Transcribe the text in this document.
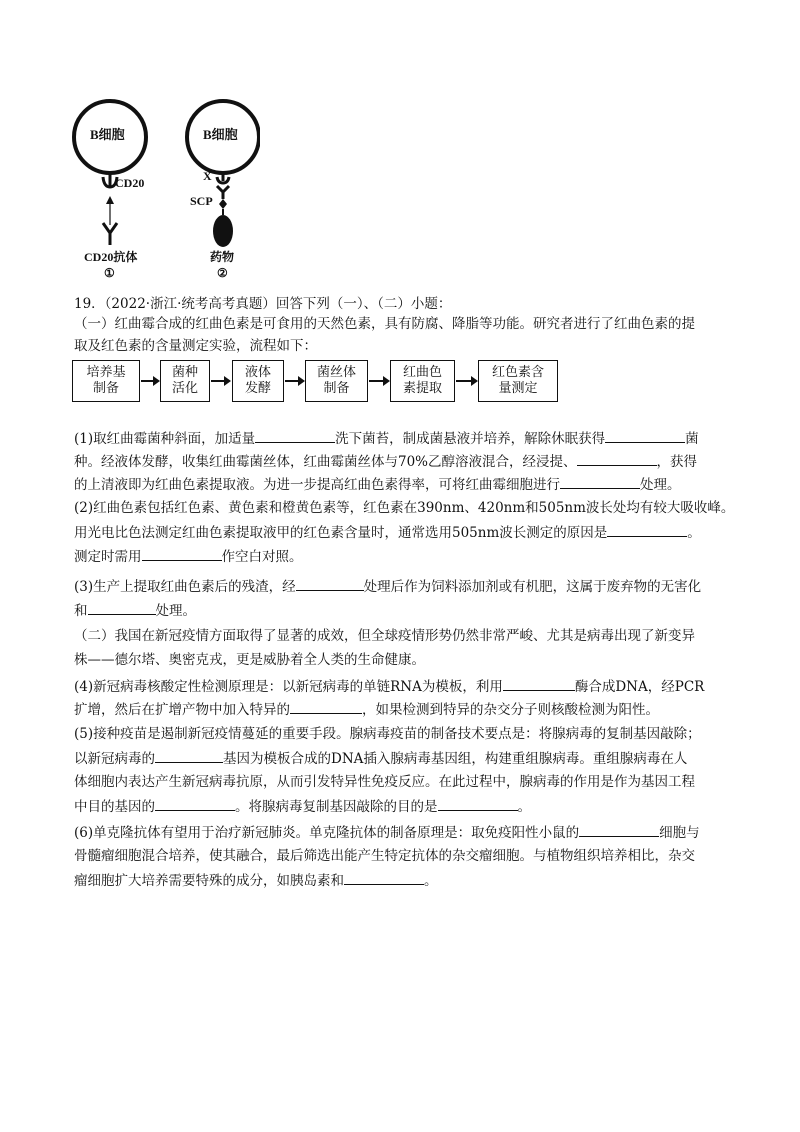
B细胞
CD20
CD20抗体
①
B细胞
X
SCP
药物
②
19．（2022·浙江·统考高考真题）回答下列（一）、（二）小题：
（一）红曲霉合成的红曲色素是可食用的天然色素，具有防腐、降脂等功能。研究者进行了红曲色素的提
取及红色素的含量测定实验，流程如下：
培养基
制备
菌种
活化
液体
发酵
菌丝体
制备
红曲色
素提取
红色素含
量测定
(1)取红曲霉菌种斜面，加适量	洗下菌苔，制成菌悬液并培养，解除休眠获得	菌
种。经液体发酵，收集红曲霉菌丝体，红曲霉菌丝体与70%乙醇溶液混合，经浸提、	，获得
的上清液即为红曲色素提取液。为进一步提高红曲色素得率，可将红曲霉细胞进行	处理。
(2)红曲色素包括红色素、黄色素和橙黄色素等，红色素在390nm、420nm和505nm波长处均有较大吸收峰。
用光电比色法测定红曲色素提取液甲的红色素含量时，通常选用505nm波长测定的原因是	。
测定时需用	作空白对照。
(3)生产上提取红曲色素后的残渣，经	处理后作为饲料添加剂或有机肥，这属于废弃物的无害化
和	处理。
（二）我国在新冠疫情方面取得了显著的成效，但全球疫情形势仍然非常严峻、尤其是病毒出现了新变异
株——德尔塔、奥密克戎，更是威胁着全人类的生命健康。
(4)新冠病毒核酸定性检测原理是：以新冠病毒的单链RNA为模板，利用	酶合成DNA，经PCR
扩增，然后在扩增产物中加入特异的	，如果检测到特异的杂交分子则核酸检测为阳性。
(5)接种疫苗是遏制新冠疫情蔓延的重要手段。腺病毒疫苗的制备技术要点是：将腺病毒的复制基因敲除；
以新冠病毒的	基因为模板合成的DNA插入腺病毒基因组，构建重组腺病毒。重组腺病毒在人
体细胞内表达产生新冠病毒抗原，从而引发特异性免疫反应。在此过程中，腺病毒的作用是作为基因工程
中目的基因的	。将腺病毒复制基因敲除的目的是	。
(6)单克隆抗体有望用于治疗新冠肺炎。单克隆抗体的制备原理是：取免疫阳性小鼠的	细胞与
骨髓瘤细胞混合培养，使其融合，最后筛选出能产生特定抗体的杂交瘤细胞。与植物组织培养相比，杂交
瘤细胞扩大培养需要特殊的成分，如胰岛素和	。
